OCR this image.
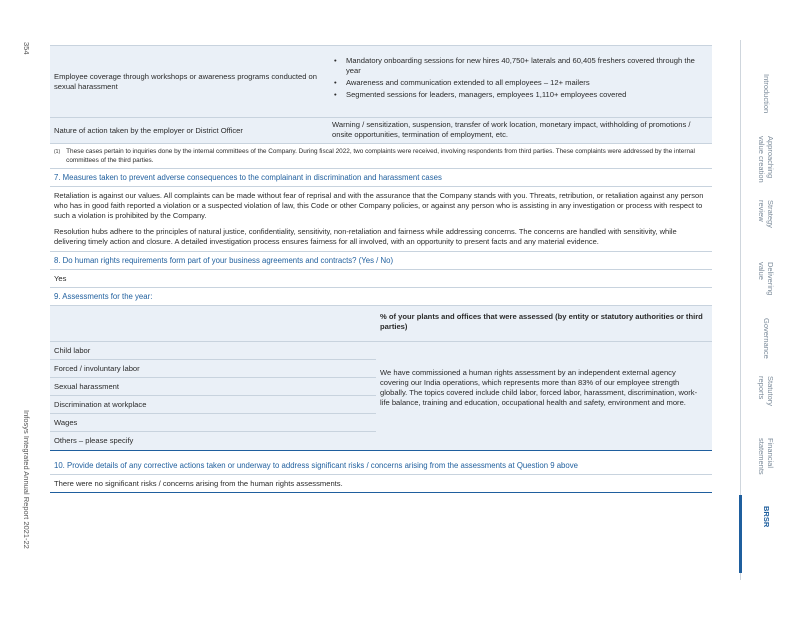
354
Infosys Integrated Annual Report 2021-22
Introduction
Approaching
value creation
Strategy
review
Delivering
value
Governance
Statutory
reports
Financial
statements
BRSR
Employee coverage through workshops or awareness programs conducted on sexual harassment
• Mandatory onboarding sessions for new hires 40,750+ laterals and 60,405 freshers covered through the year
• Awareness and communication extended to all employees – 12+ mailers
• Segmented sessions for leaders, managers, employees 1,110+ employees covered
Nature of action taken by the employer or District Officer
Warning / sensitization, suspension, transfer of work location, monetary impact, withholding of promotions / onsite opportunities, termination of employment, etc.
(1) These cases pertain to inquiries done by the internal committees of the Company. During fiscal 2022, two complaints were received, involving respondents from third parties. These complaints were addressed by the internal committees of the third parties.
7. Measures taken to prevent adverse consequences to the complainant in discrimination and harassment cases
Retaliation is against our values. All complaints can be made without fear of reprisal and with the assurance that the Company stands with you. Threats, retribution, or retaliation against any person who has in good faith reported a violation or a suspected violation of law, this Code or other Company policies, or against any person who is assisting in any investigation or process with respect to such a violation is prohibited by the Company.
Resolution hubs adhere to the principles of natural justice, confidentiality, sensitivity, non-retaliation and fairness while addressing concerns. The concerns are handled with sensitivity, while delivering timely action and closure. A detailed investigation process ensures fairness for all involved, with an opportunity to present facts and any material evidence.
8. Do human rights requirements form part of your business agreements and contracts? (Yes / No)
Yes
9. Assessments for the year:
Child labor
Forced / involuntary labor
Sexual harassment
Discrimination at workplace
Wages
Others – please specify
% of your plants and offices that were assessed (by entity or statutory authorities or third parties)
We have commissioned a human rights assessment by an independent external agency covering our India operations, which represents more than 83% of our employee strength globally. The topics covered include child labor, forced labor, harassment, discrimination, work-life balance, training and education, occupational health and safety, environment and more.
10. Provide details of any corrective actions taken or underway to address significant risks / concerns arising from the assessments at Question 9 above
There were no significant risks / concerns arising from the human rights assessments.
